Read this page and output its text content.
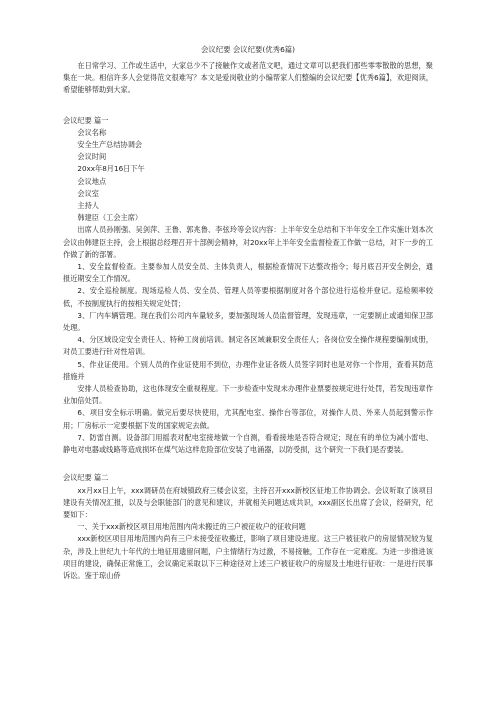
会议纪要 会议纪要(优秀6篇)

在日常学习、工作或生活中，大家总少不了接触作文或者范文吧，通过文章可以把我们那些零零散散的思想，聚集在一块。相信许多人会觉得范文很难写？本文是爱岗敬业的小编帮家人们整编的会议纪要【优秀6篇】，欢迎阅读，希望能够帮助到大家。

会议纪要 篇一

会议名称

安全生产总结协调会

会议时间

20xx年8月16日下午

会议地点

会议室

主持人

韩建臣（工会主席）

出席人员孙刚强、吴剑萍、王鲁、郭兆鲁、李弦玲等会议内容：上半年安全总结和下半年安全工作实施计划本次会议由韩建臣主持，会上根据总经理召开十部例会精神，对20xx年上半年安全监督检查工作做一总结，对下一步的工作做了新的部署。

1、安全监督检查。主要参加人员安全员、主体负责人，根据检查情况下达整改指令；每月底召开安全例会，通报近期安全工作情况。

2、安全巡检制度。现场巡检人员、安全员、管理人员等要根据制度对各个部位进行巡检并登记。巡检频率较低，不按制度执行的按相关规定处罚；

3、厂内车辆管理。现在我们公司内车量较多，要加强现场人员监督管理，发现违章，一定要制止或通知保卫部处理。

4、分区域设定安全责任人、特种工岗前培训。制定各区域兼职安全责任人；各岗位安全操作规程要编制成册，对员工要进行针对性培训。

5、作业证使用。个别人员的作业证使用不到位，办理作业证各级人员签字同时也是对你一个作用，查看其防范措施并

安排人员检查协助，这也体现安全重视程度。下一步检查中发现未办理作业票要按规定进行处罚，若发现违章作业加倍处罚。

6、项目安全标示明确。做完后要尽快使用，尤其配电室、操作台等部位，对操作人员、外来人员起到警示作用；厂房标示一定要根据下发的国家规定去做。

7、防雷自测。设备部门用摇表对配电室接地做一个自测，看看接地是否符合规定；现在有的单位为减小雷电、静电对电器或线路等造成损坏在煤气站这样危险部位安装了电涌器，以防受损，这个研究一下我们是否要装。

会议纪要 篇二

xx月xx日上午，xxx调研员在府城镇政府三楼会议室，主持召开xxx新校区征地工作协调会。会议听取了该项目建设有关情况汇报，以及与会职能部门的意见和建议，并就相关问题达成共识，xxx副区长出席了会议，经研究，纪要如下：

一、关于xxx新校区项目用地范围内尚未搬迁的三户被征收户的征收问题

xxx新校区项目用地范围内尚有三户未接受征收搬迁，影响了项目建设进度。这三户被征收户的房屋情况较为复杂，涉及上世纪九十年代的土地征用遗留问题，户主情绪行为过激，不易接触，工作存在一定难度。为进一步推进该项目的建设，确保正常施工，会议确定采取以下三种途径对上述三户被征收户的房屋及土地进行征收：一是进行民事诉讼。鉴于琼山侨
